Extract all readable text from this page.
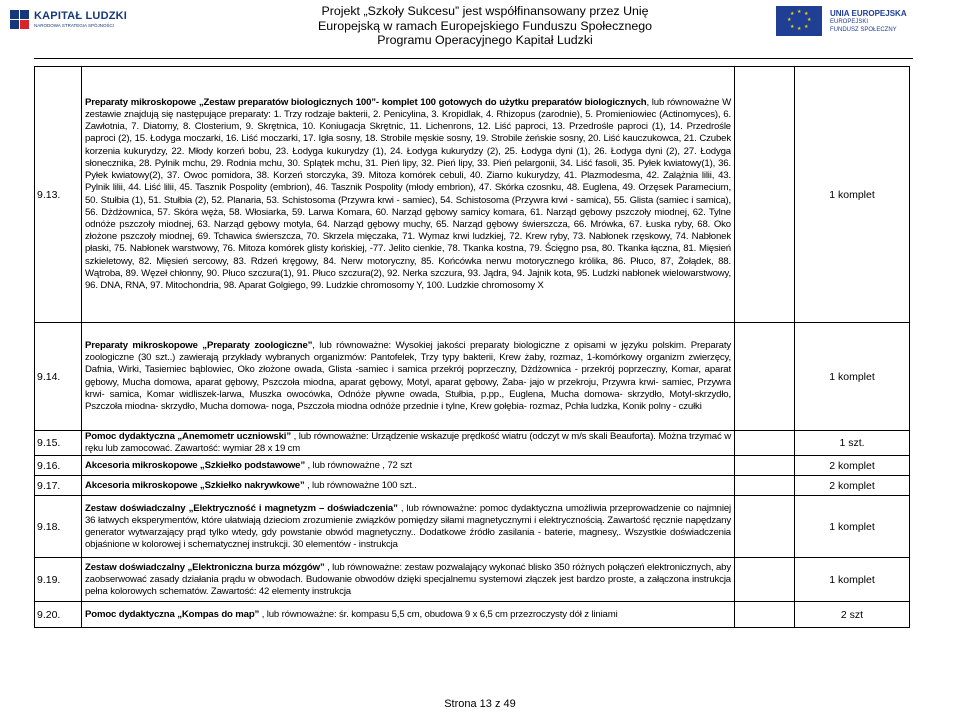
KAPITAŁ LUDZKI
NARODOWA STRATEGIA SPÓJNOŚCI
Projekt „Szkoły Sukcesu” jest współfinansowany przez Unię
Europejską w ramach Europejskiego Funduszu Społecznego
Programu Operacyjnego Kapitał Ludzki
★ ★
★
★
★
★
★
★	UNIA EUROPEJSKA
EUROPEJSKI
FUNDUSZ SPOŁECZNY
9.13.	Preparaty mikroskopowe „Zestaw preparatów biologicznych 100”- komplet 100 gotowych do użytku preparatów biologicznych, lub równoważne W zestawie znajdują się następujące preparaty: 1. Trzy rodzaje bakterii, 2. Penicylina, 3. Kropidlak, 4. Rhizopus (zarodnie), 5. Promieniowiec (Actinomyces), 6. Zawłotnia, 7. Diatomy, 8. Closterium, 9. Skrętnica, 10. Koniugacja Skrętnic, 11. Lichenrons, 12. Liść paproci, 13. Przedrośle paproci (1), 14. Przedrośle paproci (2), 15. Łodyga moczarki, 16. Liść moczarki, 17. Igła sosny, 18. Strobile męskie sosny, 19. Strobile żeńskie sosny, 20. Liść kauczukowca, 21. Czubek korzenia kukurydzy, 22. Młody korzeń bobu, 23. Łodyga kukurydzy (1), 24. Łodyga kukurydzy (2), 25. Łodyga dyni (1), 26. Łodyga dyni (2), 27. Łodyga słonecznika, 28. Pylnik mchu, 29. Rodnia mchu, 30. Splątek mchu, 31. Pień lipy, 32. Pień lipy, 33. Pień pelargonii, 34. Liść fasoli, 35. Pyłek kwiatowy(1), 36. Pyłek kwiatowy(2), 37. Owoc pomidora, 38. Korzeń storczyka, 39. Mitoza komórek cebuli, 40. Ziarno kukurydzy, 41. Plazmodesma, 42. Zalążnia lilii, 43. Pylnik lilii, 44. Liść lilii, 45. Tasznik Pospolity (embrion), 46. Tasznik Pospolity (młody embrion), 47. Skórka czosnku, 48. Euglena, 49. Orzęsek Paramecium, 50. Stułbia (1), 51. Stułbia (2), 52. Planaria, 53. Schistosoma (Przywra krwi - samiec), 54. Schistosoma (Przywra krwi - samica), 55. Glista (samiec i samica), 56. Dżdżownica, 57. Skóra węża, 58. Włosiarka, 59. Larwa Komara, 60. Narząd gębowy samicy komara, 61. Narząd gębowy pszczoły miodnej, 62. Tylne odnóże pszczoły miodnej, 63. Narząd gębowy motyla, 64. Narząd gębowy muchy, 65. Narząd gębowy świerszcza, 66. Mrówka, 67. Łuska ryby, 68. Oko złożone pszczoły miodnej, 69. Tchawica świerszcza, 70. Skrzela mięczaka, 71. Wymaz krwi ludzkiej, 72. Krew ryby, 73. Nabłonek rzęskowy, 74. Nabłonek płaski, 75. Nabłonek warstwowy, 76. Mitoza komórek glisty końskiej, -77. Jelito cienkie, 78. Tkanka kostna, 79. Ścięgno psa, 80. Tkanka łączna, 81. Mięsień szkieletowy, 82. Mięsień sercowy, 83. Rdzeń kręgowy, 84. Nerw motoryczny, 85. Końcówka nerwu motorycznego królika, 86. Płuco, 87, Żołądek, 88. Wątroba, 89. Węzeł chłonny, 90. Płuco szczura(1), 91. Płuco szczura(2), 92. Nerka szczura, 93. Jądra, 94. Jajnik kota, 95. Ludzki nabłonek wielowarstwowy, 96. DNA, RNA, 97. Mitochondria, 98. Aparat Golgiego, 99. Ludzkie chromosomy Y, 100. Ludzkie chromosomy X		1 komplet
9.14.	Preparaty mikroskopowe „Preparaty zoologiczne”, lub równoważne: Wysokiej jakości preparaty biologiczne z opisami w języku polskim. Preparaty zoologiczne (30 szt..) zawierają przykłady wybranych organizmów: Pantofelek, Trzy typy bakterii, Krew żaby, rozmaz, 1-komórkowy organizm zwierzęcy, Dafnia, Wirki, Tasiemiec bąblowiec, Oko złożone owada, Glista -samiec i samica przekrój poprzeczny, Dżdżownica - przekrój poprzeczny, Komar, aparat gębowy, Mucha domowa, aparat gębowy, Pszczoła miodna, aparat gębowy, Motyl, aparat gębowy, Żaba- jajo w przekroju, Przywra krwi- samiec, Przywra krwi- samica, Komar widliszek-larwa, Muszka owocówka, Odnóże pływne owada, Stułbia, p.pp., Euglena, Mucha domowa- skrzydło, Motyl-skrzydło, Pszczoła miodna- skrzydło, Mucha domowa- noga, Pszczoła miodna odnóże przednie i tylne, Krew gołębia- rozmaz, Pchła ludzka, Konik polny - czułki		1 komplet
9.15.	Pomoc dydaktyczna „Anemometr uczniowski” , lub równoważne: Urządzenie wskazuje prędkość wiatru (odczyt w m/s skali Beauforta). Można trzymać w ręku lub zamocować. Zawartość: wymiar 28 x 19 cm		1 szt.
9.16.	Akcesoria mikroskopowe „Szkiełko podstawowe” , lub równoważne , 72 szt		2 komplet
9.17.	Akcesoria mikroskopowe „Szkiełko nakrywkowe” , lub równoważne 100 szt..		2 komplet
9.18.	Zestaw doświadczalny „Elektryczność i magnetyzm – doświadczenia” , lub równoważne: pomoc dydaktyczna umożliwia przeprowadzenie co najmniej 36 łatwych eksperymentów, które ułatwiają dzieciom zrozumienie związków pomiędzy siłami magnetycznymi i elektrycznością. Zawartość ręcznie napędzany generator wytwarzający prąd tylko wtedy, gdy powstanie obwód magnetyczny.. Dodatkowe źródło zasilania - baterie, magnesy,. Wszystkie doświadczenia objaśnione w kolorowej i schematycznej instrukcji. 30 elementów - instrukcja		1 komplet
9.19.	Zestaw doświadczalny „Elektroniczna burza mózgów” , lub równoważne: zestaw pozwalający wykonać blisko 350 różnych połączeń elektronicznych, aby zaobserwować zasady działania prądu w obwodach. Budowanie obwodów dzięki specjalnemu systemowi złączek jest bardzo proste, a załączona instrukcja pełna kolorowych schematów. Zawartość: 42 elementy instrukcja		1 komplet
9.20.	Pomoc dydaktyczna „Kompas do map” , lub równoważne: śr. kompasu 5,5 cm, obudowa 9 x 6,5 cm przezroczysty dół z liniami		2 szt
Strona 13 z 49
